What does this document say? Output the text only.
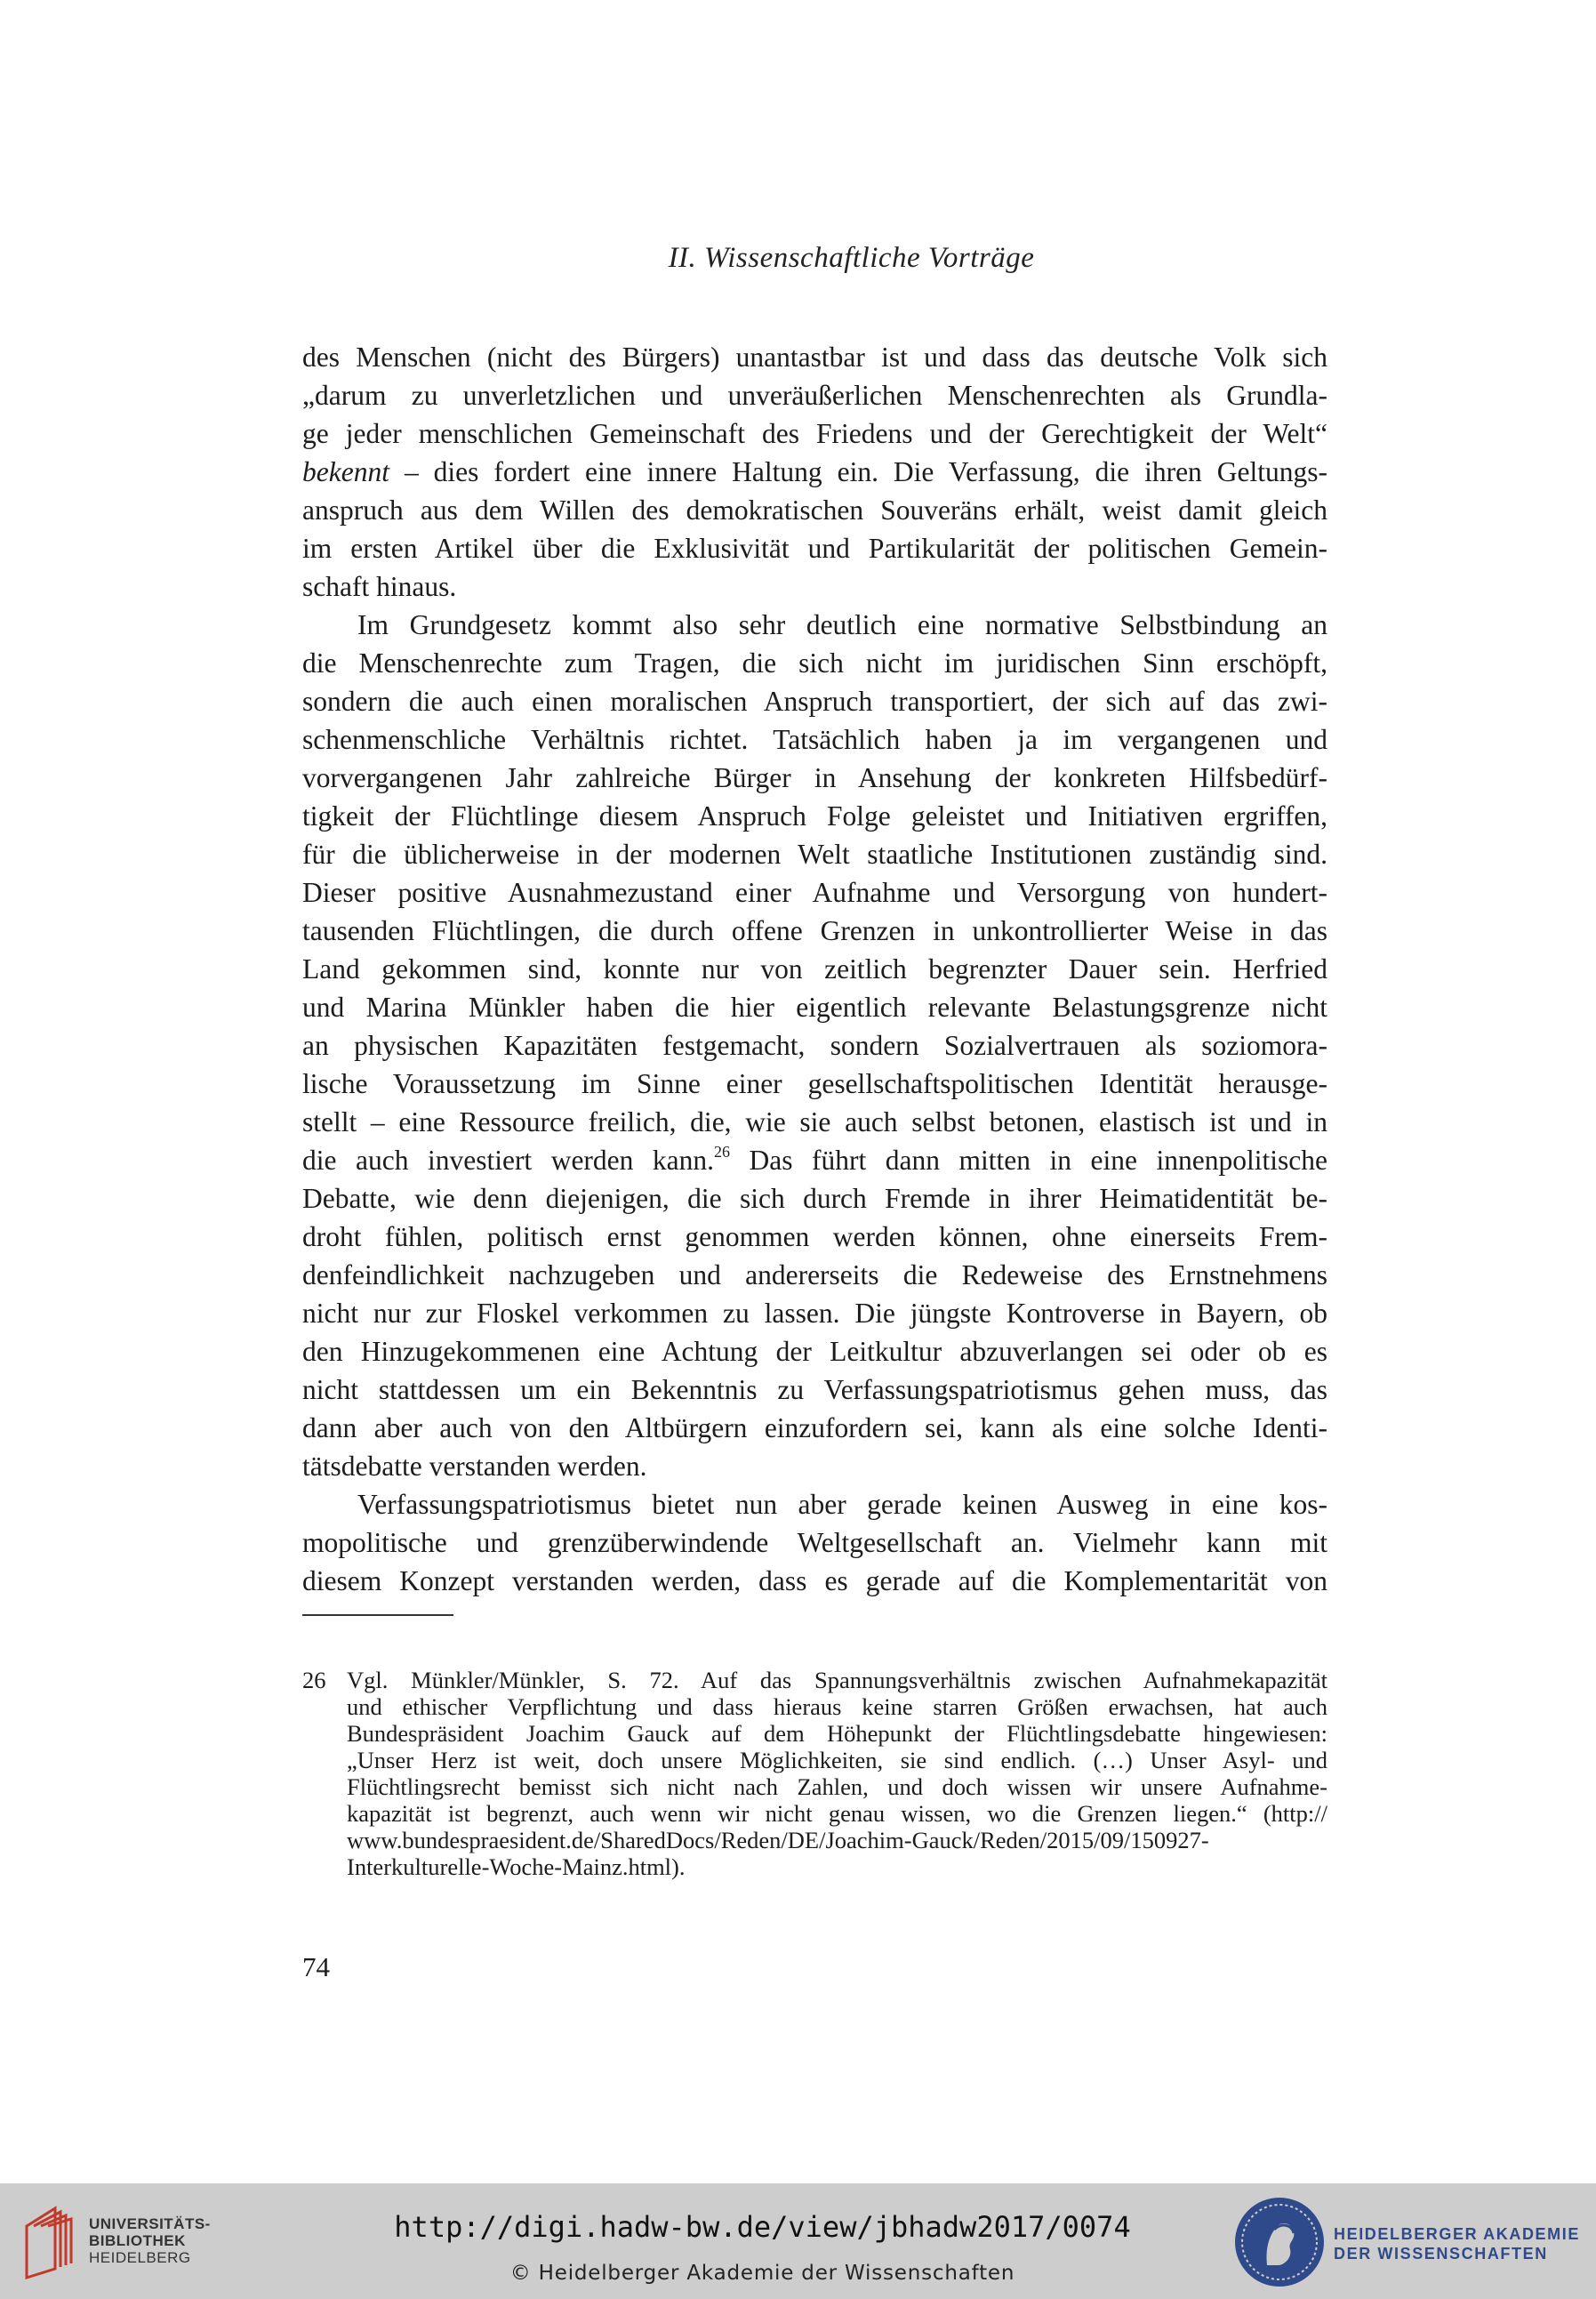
II. Wissenschaftliche Vorträge
des Menschen (nicht des Bürgers) unantastbar ist und dass das deutsche Volk sich
„darum zu unverletzlichen und unveräußerlichen Menschenrechten als Grundla-
ge jeder menschlichen Gemeinschaft des Friedens und der Gerechtigkeit der Welt“
bekennt – dies fordert eine innere Haltung ein. Die Verfassung, die ihren Geltungs-
anspruch aus dem Willen des demokratischen Souveräns erhält, weist damit gleich
im ersten Artikel über die Exklusivität und Partikularität der politischen Gemein-
schaft hinaus.
Im Grundgesetz kommt also sehr deutlich eine normative Selbstbindung an
die Menschenrechte zum Tragen, die sich nicht im juridischen Sinn erschöpft,
sondern die auch einen moralischen Anspruch transportiert, der sich auf das zwi-
schenmenschliche Verhältnis richtet. Tatsächlich haben ja im vergangenen und
vorvergangenen Jahr zahlreiche Bürger in Ansehung der konkreten Hilfsbedürf-
tigkeit der Flüchtlinge diesem Anspruch Folge geleistet und Initiativen ergriffen,
für die üblicherweise in der modernen Welt staatliche Institutionen zuständig sind.
Dieser positive Ausnahmezustand einer Aufnahme und Versorgung von hundert-
tausenden Flüchtlingen, die durch offene Grenzen in unkontrollierter Weise in das
Land gekommen sind, konnte nur von zeitlich begrenzter Dauer sein. Herfried
und Marina Münkler haben die hier eigentlich relevante Belastungsgrenze nicht
an physischen Kapazitäten festgemacht, sondern Sozialvertrauen als soziomora-
lische Voraussetzung im Sinne einer gesellschaftspolitischen Identität herausge-
stellt – eine Ressource freilich, die, wie sie auch selbst betonen, elastisch ist und in
die auch investiert werden kann.$^{26}$ Das führt dann mitten in eine innenpolitische
Debatte, wie denn diejenigen, die sich durch Fremde in ihrer Heimatidentität be-
droht fühlen, politisch ernst genommen werden können, ohne einerseits Frem-
denfeindlichkeit nachzugeben und andererseits die Redeweise des Ernstnehmens
nicht nur zur Floskel verkommen zu lassen. Die jüngste Kontroverse in Bayern, ob
den Hinzugekommenen eine Achtung der Leitkultur abzuverlangen sei oder ob es
nicht stattdessen um ein Bekenntnis zu Verfassungspatriotismus gehen muss, das
dann aber auch von den Altbürgern einzufordern sei, kann als eine solche Identi-
tätsdebatte verstanden werden.
Verfassungspatriotismus bietet nun aber gerade keinen Ausweg in eine kos-
mopolitische und grenzüberwindende Weltgesellschaft an. Vielmehr kann mit
diesem Konzept verstanden werden, dass es gerade auf die Komplementarität von
26 Vgl. Münkler/Münkler, S. 72. Auf das Spannungsverhältnis zwischen Aufnahmekapazität
und ethischer Verpflichtung und dass hieraus keine starren Größen erwachsen, hat auch
Bundespräsident Joachim Gauck auf dem Höhepunkt der Flüchtlingsdebatte hingewiesen:
„Unser Herz ist weit, doch unsere Möglichkeiten, sie sind endlich. (…) Unser Asyl- und
Flüchtlingsrecht bemisst sich nicht nach Zahlen, und doch wissen wir unsere Aufnahme-
kapazität ist begrenzt, auch wenn wir nicht genau wissen, wo die Grenzen liegen.“ (http://
www.bundespraesident.de/SharedDocs/Reden/DE/Joachim-Gauck/Reden/2015/09/150927-
Interkulturelle-Woche-Mainz.html).
74
UNIVERSITÄTS-
BIBLIOTHEK
HEIDELBERG
http://digi.hadw-bw.de/view/jbhadw2017/0074
© Heidelberger Akademie der Wissenschaften
HEIDELBERGER AKADEMIE
DER WISSENSCHAFTEN
